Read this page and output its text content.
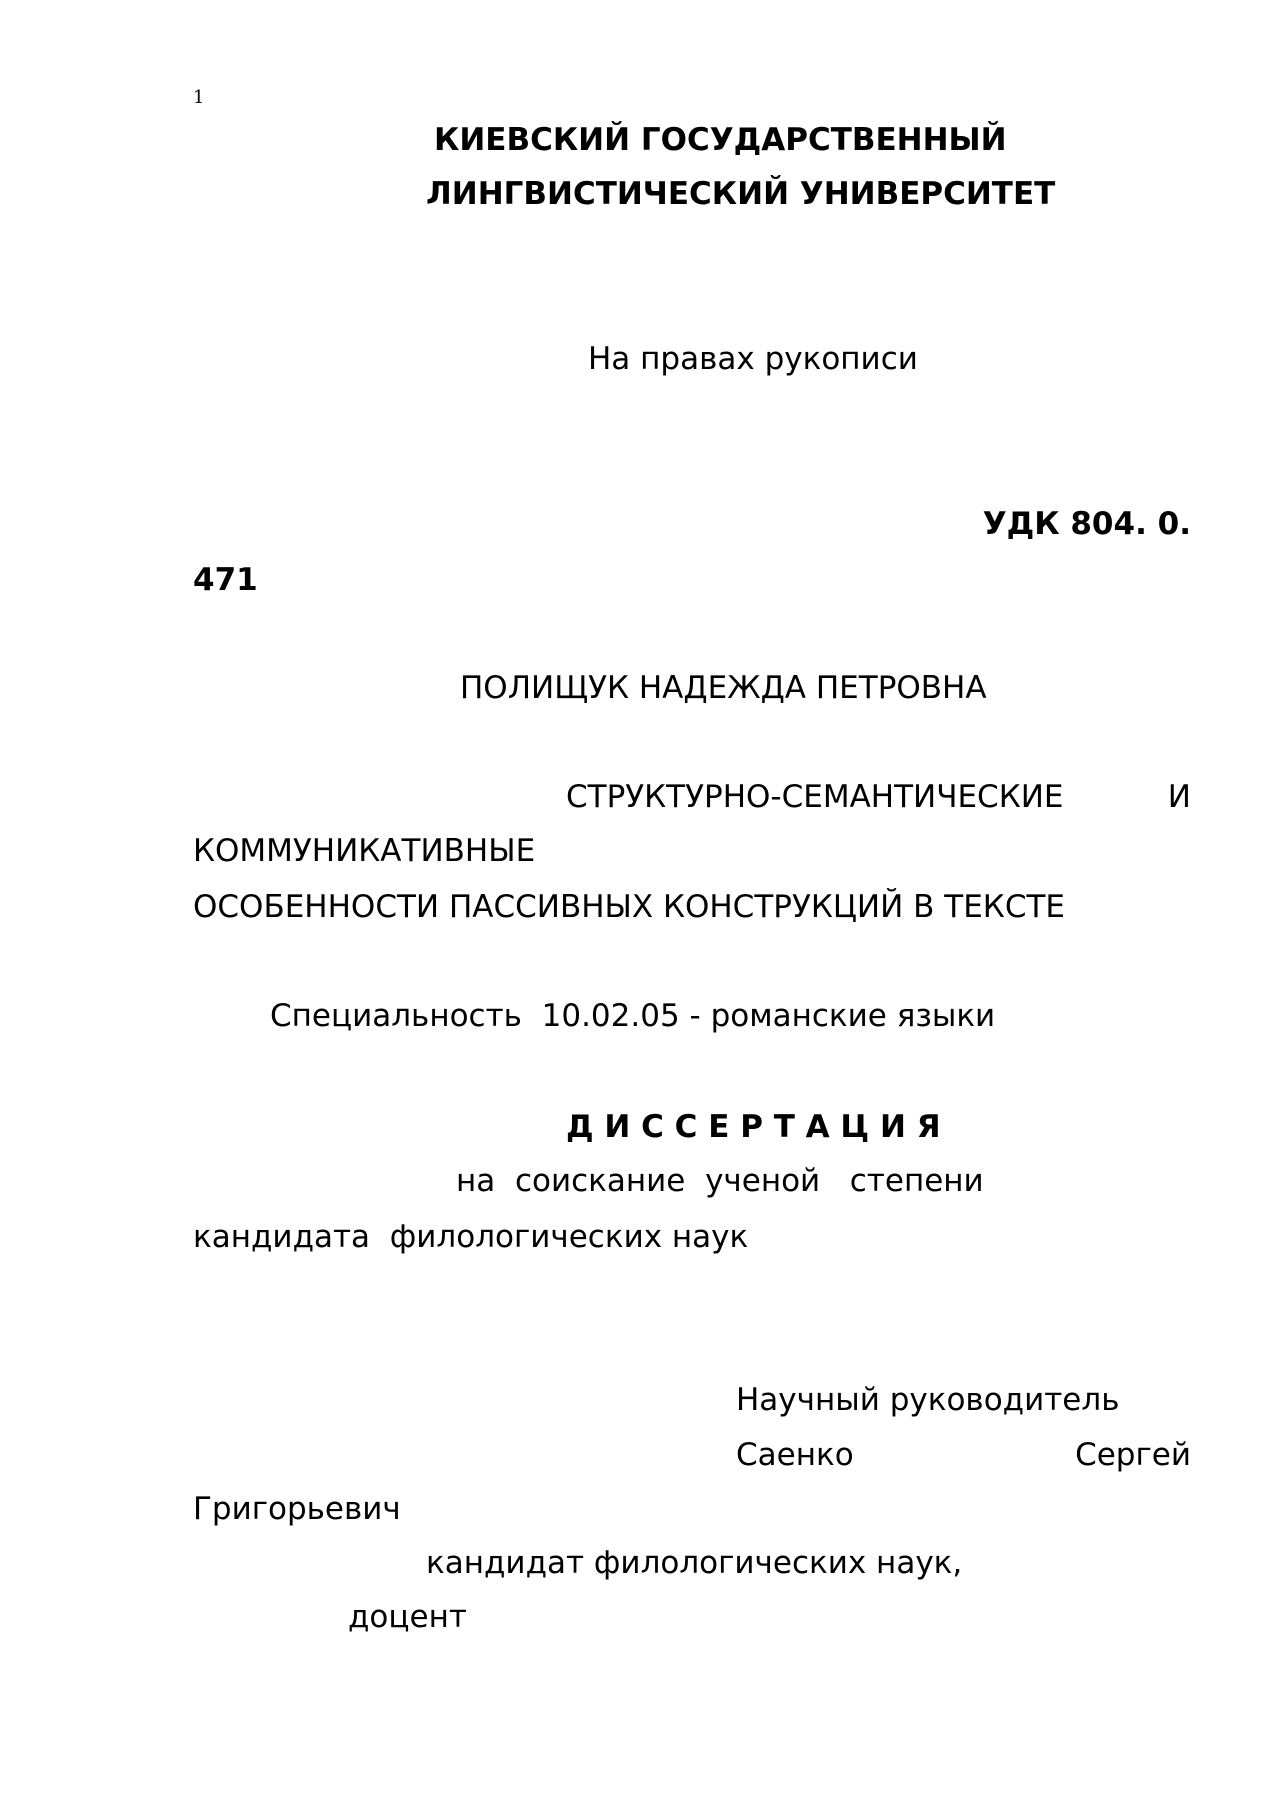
1
КИЕВСКИЙ ГОСУДАРСТВЕННЫЙ
ЛИНГВИСТИЧЕСКИЙ УНИВЕРСИТЕТ
На правах рукописи
УДК 804. 0.
471
ПОЛИЩУК НАДЕЖДА ПЕТРОВНА
СТРУКТУРНО-СЕМАНТИЧЕСКИЕ	И
КОММУНИКАТИВНЫЕ
ОСОБЕННОСТИ ПАССИВНЫХ КОНСТРУКЦИЙ В ТЕКСТЕ
Специальность  10.02.05 - романские языки
Д И С С Е Р Т А Ц И Я
на  соискание  ученой   степени
кандидата  филологических наук
Научный руководитель
Саенко	Сергей
Григорьевич
кандидат филологических наук,
доцент
